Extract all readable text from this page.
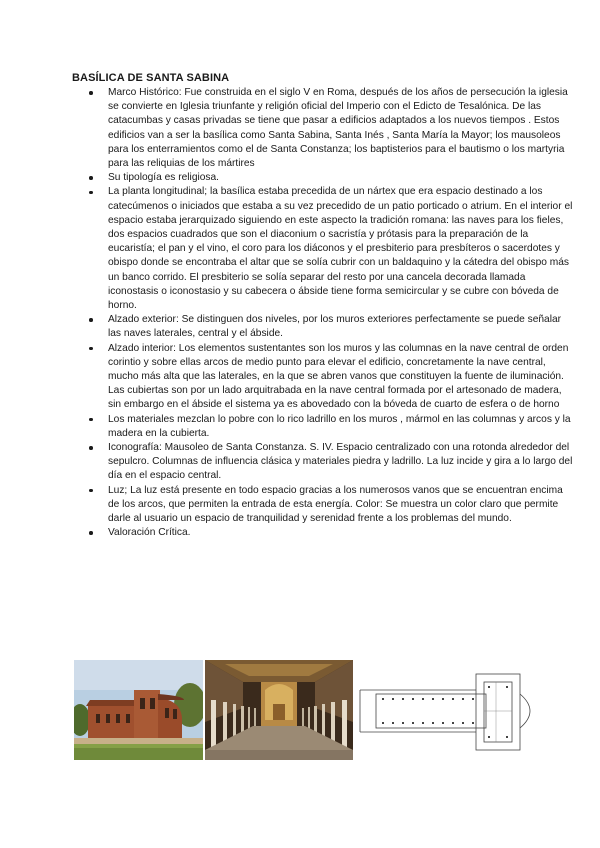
BASÍLICA DE SANTA SABINA
Marco Histórico: Fue construida en el siglo V en Roma, después de los años de persecución la iglesia se convierte en Iglesia triunfante y religión oficial del Imperio con el Edicto de Tesalónica. De las catacumbas y casas privadas se tiene que pasar a edificios adaptados a los nuevos tiempos . Estos edificios van a ser la basílica como Santa Sabina, Santa Inés , Santa María la Mayor; los mausoleos para los enterramientos como el de Santa Constanza; los baptisterios para el bautismo o los martyria para las reliquias de los mártires
Su tipología es religiosa.
La planta longitudinal; la basílica estaba precedida de un nártex que era espacio destinado a los catecúmenos o iniciados que estaba a su vez precedido de un patio porticado o atrium. En el interior el espacio estaba jerarquizado siguiendo en este aspecto la tradición romana: las naves para los fieles, dos espacios cuadrados que son el diaconium o sacristía y prótasis para la preparación de la eucaristía; el pan y el vino, el coro para los diáconos y el presbiterio para presbíteros o sacerdotes y obispo donde se encontraba el altar que se solía cubrir con un baldaquino y la cátedra del obispo más un banco corrido. El presbiterio se solía separar del resto por una cancela decorada llamada iconostasis o iconostasio y su cabecera o ábside tiene forma semicircular y se cubre con bóveda de horno.
Alzado exterior: Se distinguen dos niveles, por los muros exteriores perfectamente se puede señalar las naves laterales, central y el ábside.
Alzado interior: Los elementos sustentantes son los muros y las columnas en la nave central de orden corintio y sobre ellas arcos de medio punto para elevar el edificio, concretamente la nave central, mucho más alta que las laterales, en la que se abren vanos que constituyen la fuente de iluminación. Las cubiertas son por un lado arquitrabada en la nave central formada por el artesonado de madera, sin embargo en el ábside el sistema ya es abovedado con la bóveda de cuarto de esfera o de horno
Los materiales mezclan lo pobre con lo rico ladrillo en los muros , mármol en las columnas y arcos y la madera en la cubierta.
Iconografía: Mausoleo de Santa Constanza. S. IV. Espacio centralizado con una rotonda alrededor del sepulcro. Columnas de influencia clásica y materiales piedra y ladrillo. La luz incide y gira a lo largo del día en el espacio central.
Luz; La luz está presente en todo espacio gracias a los numerosos vanos que se encuentran encima de los arcos, que permiten la entrada de esta energía. Color: Se muestra un color claro que permite darle al usuario un espacio de tranquilidad y serenidad frente a los problemas del mundo.
Valoración Crítica.
